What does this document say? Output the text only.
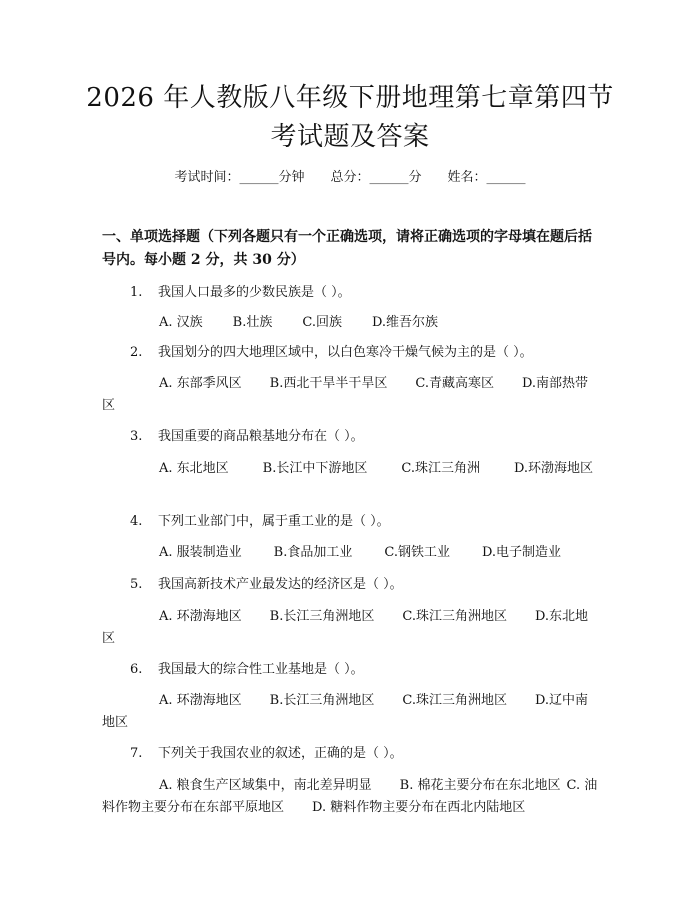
2026 年人教版八年级下册地理第七章第四节
考试题及答案
考试时间：______分钟　　 总分：______分　　 姓名：______
一、单项选择题（下列各题只有一个正确选项，请将正确选项的字母填在题后括号内。每小题 2 分，共 30 分）
1. 我国人口最多的少数民族是（ ）。
A. 汉族 B.壮族 C.回族 D.维吾尔族
2. 我国划分的四大地理区域中，以白色寒冷干燥气候为主的是（ ）。
A. 东部季风区 B.西北干旱半干旱区 C.青藏高寒区 D.南部热带区
3. 我国重要的商品粮基地分布在（ ）。
A. 东北地区	B.长江中下游地区	C.珠江三角洲	D.环渤海地区
4. 下列工业部门中，属于重工业的是（ ）。
A. 服装制造业 B.食品加工业 C.钢铁工业 D.电子制造业
5. 我国高新技术产业最发达的经济区是（ ）。
A. 环渤海地区 B.长江三角洲地区 C.珠江三角洲地区 D.东北地区
6. 我国最大的综合性工业基地是（ ）。
A. 环渤海地区 B.长江三角洲地区 C.珠江三角洲地区 D.辽中南地区
7. 下列关于我国农业的叙述，正确的是（ ）。
A. 粮食生产区域集中，南北差异明显 B. 棉花主要分布在东北地区 C. 油料作物主要分布在东部平原地区 D. 糖料作物主要分布在西北内陆地区
